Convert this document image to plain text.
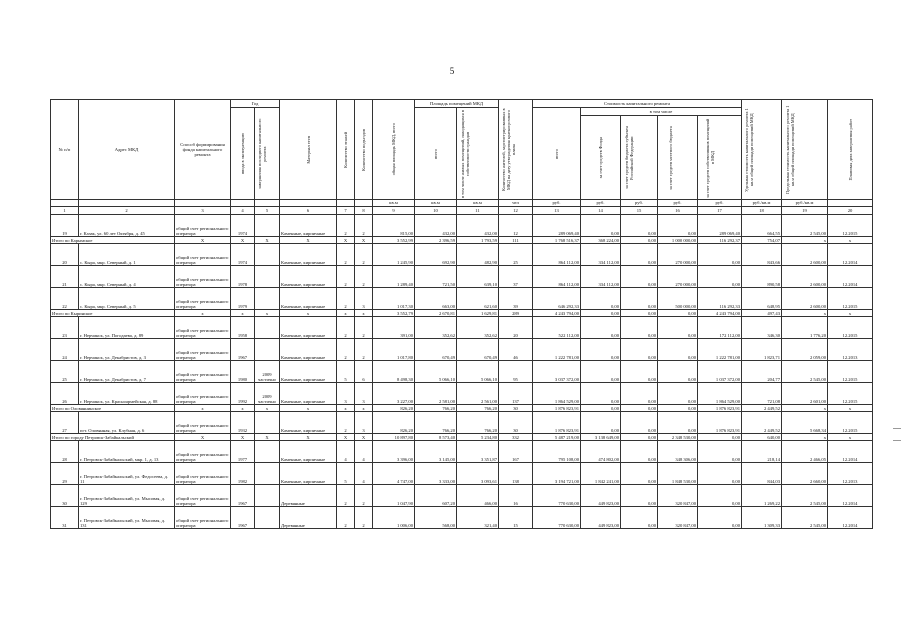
5
№ п/п	Адрес МКД	Способ формирования фонда капитального ремонта	Год		Материал стен	Количество этажей	Количество подъездов	общая площадь МКД, всего	Площадь помещений МКД		Количество жителей, зарегистрированных в МКД на дату утверждения краткосрочного плана	Стоимость капитального ремонта					Удельная стоимость капитального ремонта 1 кв.м общей площади помещений МКД	Предельная стоимость капитального ремонта 1 кв.м общей площади помещений МКД	Плановая дата завершения работ

			ввода в эксплуатацию	завершения последнего капитального ремонта					всего	в том числе жилых помещений, находящихся в собственности граждан		всего	в том числе						

													за счет средств Фонда	за счет средств бюджета субъекта Российской Федерации	за счет средств местного бюджета	за счет средств собственников помещений в МКД			

								кв.м	кв.м	кв.м	чел	руб.	руб.	руб.	руб.	руб.	руб./кв.м	руб./кв.м	
1	2	3	4	5	6	7	8	9	10	11	12	13	14	15	16	17	18	19	20
19	г. Казак, ул. 60 лет Октября, д. 45	общий счет регионального оператора	1974		Каменные, кирпичные	2	2	815,00	432,00	432,00	12	289 069,40	0,00	0,00	0,00	289 069,40	664,55	2 545,00	12.2015
Итого по Карымское		X	X	X	X	X	X	3 552,99	2 396,59	1 793,59	111	1 768 516,37	368 224,00	0,00	1 000 000,00	116 292,37	754,07	x	x
20	с. Кыра, мкр. Северный, д. 1	общий счет регионального оператора	1974		Каменные, кирпичные	2	2	1 245,90	692,90	482,90	25	864 112,00	334 112,00	0,00	270 000,00	0,00	843,66	2 600,00	12.2014
21	с. Кыра, мкр. Северный, д. 4	общий счет регионального оператора	1978		Каменные, кирпичные	2	2	1 289,40	721,50	639,10	37	864 112,00	334 112,00	0,00	270 000,00	0,00	890,58	2 600,00	12.2014
22	с. Кыра, мкр. Северный, д. 5	общий счет регионального оператора	1979		Каменные, кирпичные	2	3	1 017,30	663,00	621,60	39	646 292,33	0,00	0,00	500 000,00	116 292,33	648,95	2 600,00	12.2015
Итого по Кыринское		x	x	x	x	x	x	3 552,79	2 670,81	1 629,81	289	4 243 794,00	0,00	0,00	0,00	4 243 794,00	497,43	x	x
23	г. Нерчинск, ул. Погодаева, д. 89	общий счет регионального оператора	1958		Каменные, кирпичные	2	2	391,00	352,62	352,62	20	522 112,00	0,00	0,00	0,00	172 112,00	346,30	1 776,20	12.2015
24	г. Нерчинск, ул. Декабристов, д. 3	общий счет регионального оператора	1967		Каменные, кирпичные	2	2	1 017,80	670,49	670,49	46	1 222 781,00	0,00	0,00	0,00	1 222 781,00	1 823,71	2 059,00	12.2013
25	г. Нерчинск, ул. Декабристов, д. 7	общий счет регионального оператора	1980	2009 частично	Каменные, кирпичные	5	6	8 498,30	5 066,10	5 066,10	95	3 037 372,00	0,00	0,00	0,00	1 037 372,00	204,77	2 545,00	12.2015
26	г. Нерчинск, ул. Красноармейская, д. 88	общий счет регионального оператора	1992	2009 частично	Каменные, кирпичные	3	3	3 227,00	2 581,00	2 561,00	137	1 864 529,00	0,00	0,00	0,00	1 864 529,00	721,08	2 601,00	12.2015
Итого по Оловяннинское		x	x	x	x	x	x	826,20	766,20	766,20	30	1 876 823,91	0,00	0,00	0,00	1 876 823,91	2 449,52	x	x
27	пгт. Оловянная, ул. Клубная, д. 6	общий счет регионального оператора	1932		Каменные, кирпичные	2	3	826,20	766,20	766,20	30	1 876 823,91	0,00	0,00	0,00	1 876 823,91	2 449,52	5 668,34	12.2015
Итого по городу Петровск-Забайкальский		X	X	X	X	X	X	10 897,80	8 573,40	5 234,80	332	5 487 219,00	3 138 649,00	0,00	2 348 530,00	0,00	640,00	x	x
28	г. Петровск-Забайкальский, мкр. 1, д. 13	общий счет регионального оператора	1977		Каменные, кирпичные	4	4	3 396,00	3 145,00	3 351,87	167	795 108,00	474 802,00	0,00	348 306,00	0,00	218,14	2 466,05	12.2014
29	г. Петровск-Забайкальский, ул. Федосеева, д. 11	общий счет регионального оператора	1982		Каменные, кирпичные	5	4	4 747,00	3 333,00	3 093,61	138	3 194 721,00	1 842 241,00	0,00	1 848 530,00	0,00	844,03	2 660,00	12.2013
30	г. Петровск-Забайкальский, ул. Мысовая, д. 129	общий счет регионального оператора	1967		Деревянные	2	2	1 047,90	607,20	466,00	16	770 630,00	449 823,00	0,00	320 847,00	0,00	1 269,22	2 545,00	12.2014
31	г. Петровск-Забайкальский, ул. Мысовая, д. 131	общий счет регионального оператора	1967		Деревянные	2	2	1 006,00	568,00	321,40	15	770 630,00	449 823,00	0,00	320 847,00	0,00	1 309,33	2 545,00	12.2014
